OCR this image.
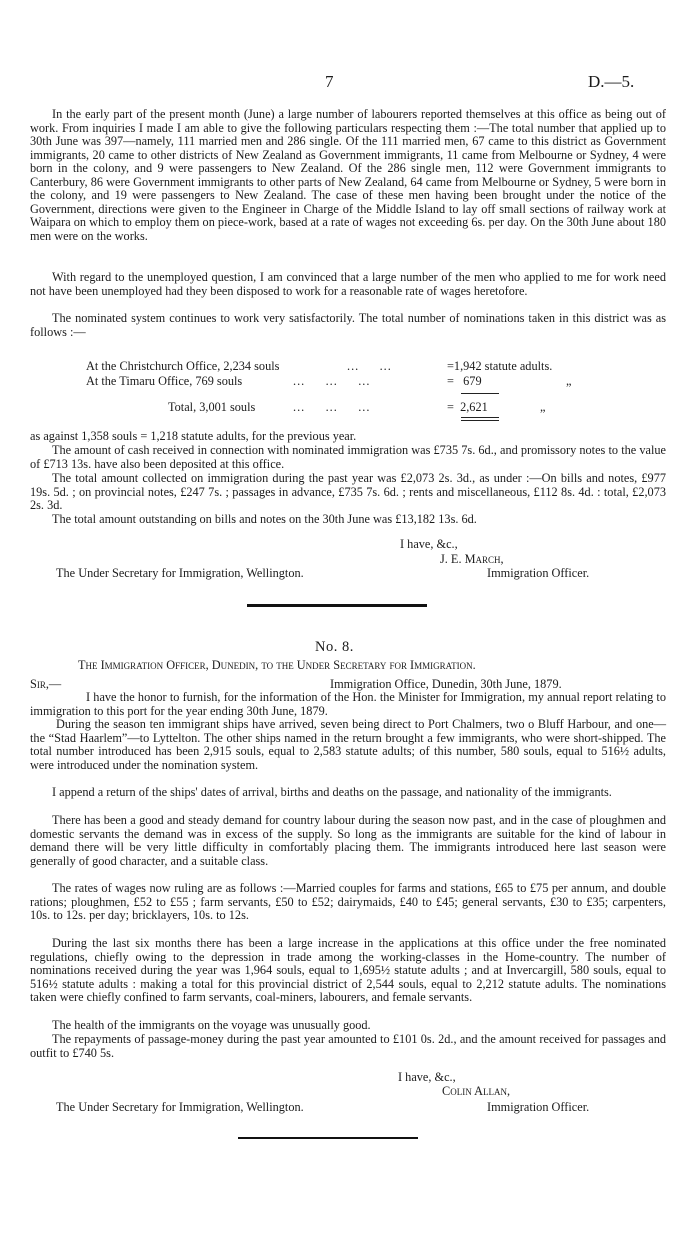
7	D.—5.

In the early part of the present month (June) a large number of labourers reported themselves at this office as being out of work. From inquiries I made I am able to give the following particulars respecting them :—The total number that applied up to 30th June was 397—namely, 111 married men and 286 single. Of the 111 married men, 67 came to this district as Government immigrants, 20 came to other districts of New Zealand as Government immigrants, 11 came from Melbourne or Sydney, 4 were born in the colony, and 9 were passengers to New Zealand. Of the 286 single men, 112 were Government immigrants to Canterbury, 86 were Government immigrants to other parts of New Zealand, 64 came from Melbourne or Sydney, 5 were born in the colony, and 19 were passengers to New Zealand. The case of these men having been brought under the notice of the Government, directions were given to the Engineer in Charge of the Middle Island to lay off small sections of railway work at Waipara on which to employ them on piece-work, based at a rate of wages not exceeding 6s. per day. On the 30th June about 180 men were on the works.

With regard to the unemployed question, I am convinced that a large number of the men who applied to me for work need not have been unemployed had they been disposed to work for a reasonable rate of wages heretofore.

The nominated system continues to work very satisfactorily. The total number of nominations taken in this district was as follows :—

At the Christchurch Office, 2,234 souls	...     ...	=1,942 statute adults.
At the Timaru Office, 769 souls	...     ...     ...	=   679	„
Total, 3,001 souls	...     ...     ...	=  2,621	„

as against 1,358 souls = 1,218 statute adults, for the previous year.

The amount of cash received in connection with nominated immigration was £735 7s. 6d., and promissory notes to the value of £713 13s. have also been deposited at this office.

The total amount collected on immigration during the past year was £2,073 2s. 3d., as under :—On bills and notes, £977 19s. 5d. ; on provincial notes, £247 7s. ; passages in advance, £735 7s. 6d. ; rents and miscellaneous, £112 8s. 4d. : total, £2,073 2s. 3d.

The total amount outstanding on bills and notes on the 30th June was £13,182 13s. 6d.

I have, &c.,
J. E. March,
The Under Secretary for Immigration, Wellington.	Immigration Officer.
No. 8.
The Immigration Officer, Dunedin, to the Under Secretary for Immigration.
Sir,—	Immigration Office, Dunedin, 30th June, 1879.

I have the honor to furnish, for the information of the Hon. the Minister for Immigration, my annual report relating to immigration to this port for the year ending 30th June, 1879.

During the season ten immigrant ships have arrived, seven being direct to Port Chalmers, two o Bluff Harbour, and one—the “Stad Haarlem”—to Lyttelton. The other ships named in the return brought a few immigrants, who were short-shipped. The total number introduced has been 2,915 souls, equal to 2,583 statute adults; of this number, 580 souls, equal to 516½ adults, were introduced under the nomination system.

I append a return of the ships' dates of arrival, births and deaths on the passage, and nationality of the immigrants.

There has been a good and steady demand for country labour during the season now past, and in the case of ploughmen and domestic servants the demand was in excess of the supply. So long as the immigrants are suitable for the kind of labour in demand there will be very little difficulty in comfortably placing them. The immigrants introduced here last season were generally of good character, and a suitable class.

The rates of wages now ruling are as follows :—Married couples for farms and stations, £65 to £75 per annum, and double rations; ploughmen, £52 to £55 ; farm servants, £50 to £52; dairymaids, £40 to £45; general servants, £30 to £35; carpenters, 10s. to 12s. per day; bricklayers, 10s. to 12s.

During the last six months there has been a large increase in the applications at this office under the free nominated regulations, chiefly owing to the depression in trade among the working-classes in the Home-country. The number of nominations received during the year was 1,964 souls, equal to 1,695½ statute adults ; and at Invercargill, 580 souls, equal to 516½ statute adults : making a total for this provincial district of 2,544 souls, equal to 2,212 statute adults. The nominations taken were chiefly confined to farm servants, coal-miners, labourers, and female servants.

The health of the immigrants on the voyage was unusually good.

The repayments of passage-money during the past year amounted to £101 0s. 2d., and the amount received for passages and outfit to £740 5s.

I have, &c.,
Colin Allan,
The Under Secretary for Immigration, Wellington.	Immigration Officer.
